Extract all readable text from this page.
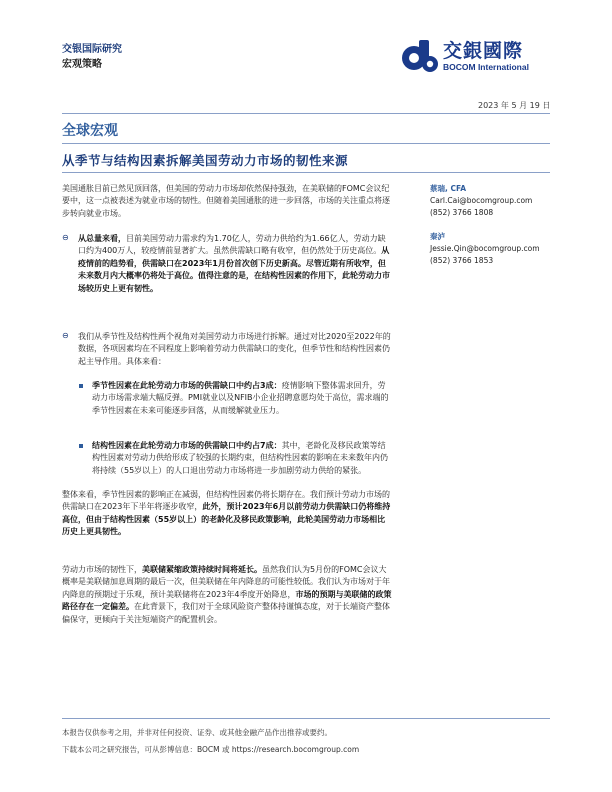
交银国际研究
宏观策略
交銀國際
BOCOM International
2023 年 5 月 19 日
全球宏观
从季节与结构因素拆解美国劳动力市场的韧性来源
美国通胀目前已然见顶回落，但美国的劳动力市场却依然保持强劲，在美联储的FOMC会议纪要中，这一点被表述为就业市场的韧性。但随着美国通胀的进一步回落，市场的关注重点将逐步转向就业市场。
⊖ 从总量来看，目前美国劳动力需求约为1.70亿人，劳动力供给约为1.66亿人，劳动力缺口约为400万人，较疫情前显著扩大。虽然供需缺口略有收窄，但仍然处于历史高位。从疫情前的趋势看，供需缺口在2023年1月份首次创下历史新高。尽管近期有所收窄，但未来数月内大概率仍将处于高位。值得注意的是，在结构性因素的作用下，此轮劳动力市场较历史上更有韧性。
⊖ 我们从季节性及结构性两个视角对美国劳动力市场进行拆解。通过对比2020至2022年的数据，各项因素均在不同程度上影响着劳动力供需缺口的变化，但季节性和结构性因素仍起主导作用。具体来看：
季节性因素在此轮劳动力市场的供需缺口中约占3成：疫情影响下整体需求回升，劳动力市场需求端大幅反弹。PMI就业以及NFIB小企业招聘意愿均处于高位，需求端的季节性因素在未来可能逐步回落，从而缓解就业压力。
结构性因素在此轮劳动力市场的供需缺口中约占7成：其中，老龄化及移民政策等结构性因素对劳动力供给形成了较强的长期约束，但结构性因素的影响在未来数年内仍将持续（55岁以上）的人口退出劳动力市场将进一步加剧劳动力供给的紧张。
整体来看，季节性因素的影响正在减弱，但结构性因素仍将长期存在。我们预计劳动力市场的供需缺口在2023年下半年将逐步收窄，此外，预计2023年6月以前劳动力供需缺口仍将维持高位，但由于结构性因素（55岁以上）的老龄化及移民政策影响，此轮美国劳动力市场相比历史上更具韧性。
劳动力市场的韧性下，美联储紧缩政策持续时间将延长。虽然我们认为5月份的FOMC会议大概率是美联储加息周期的最后一次，但美联储在年内降息的可能性较低。我们认为市场对于年内降息的预期过于乐观，预计美联储将在2023年4季度开始降息，市场的预期与美联储的政策路径存在一定偏差。在此背景下，我们对于全球风险资产整体持谨慎态度，对于长端资产整体偏保守，更倾向于关注短端资产的配置机会。
蔡瑞, CFA
Carl.Cai@bocomgroup.com
(852) 3766 1808
秦泸
Jessie.Qin@bocomgroup.com
(852) 3766 1853
本报告仅供参考之用，并非对任何投资、证券、或其他金融产品作出推荐或要约。
下载本公司之研究报告，可从彭博信息：BOCM 或 https://research.bocomgroup.com
